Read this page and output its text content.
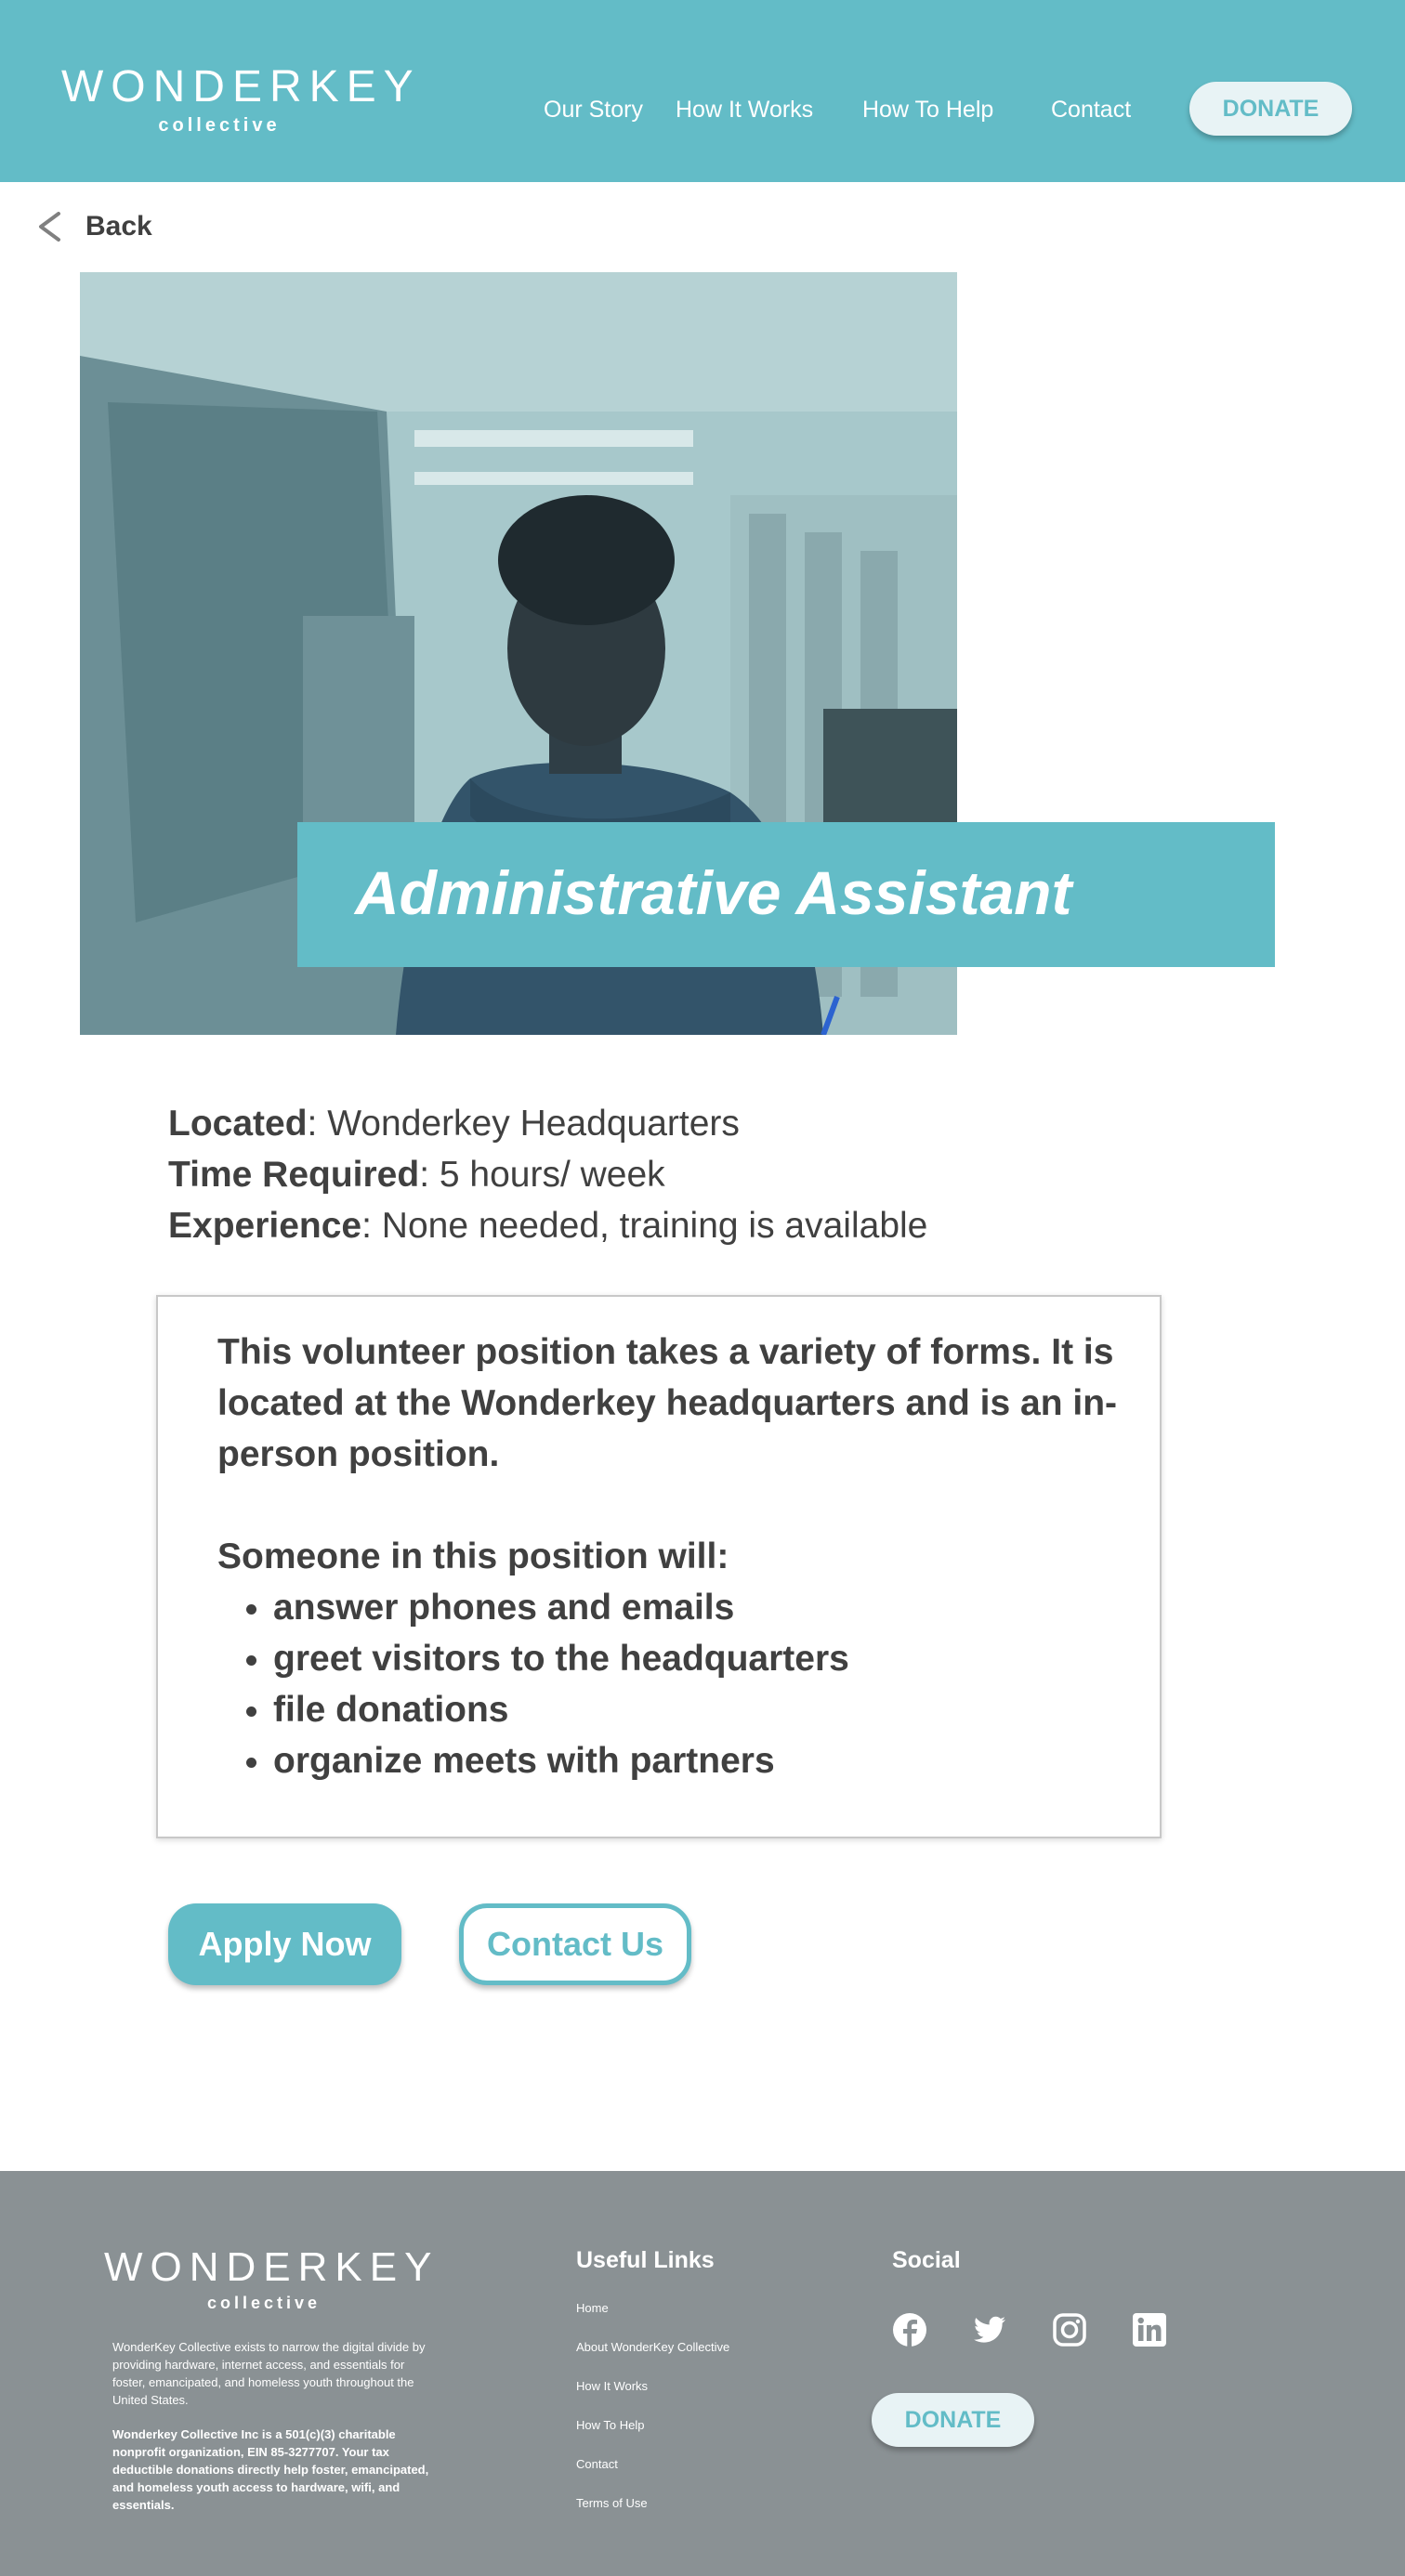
WONDERKEY
collective
Our Story How It Works How To Help Contact	DONATE
Back
Administrative Assistant
Located: Wonderkey Headquarters
Time Required: 5 hours/ week
Experience: None needed, training is available

This volunteer position takes a variety of forms. It is located at the Wonderkey headquarters and is an in-person position.

Someone in this position will:
• answer phones and emails
• greet visitors to the headquarters
• file donations
• organize meets with partners
Apply Now	Contact Us
WONDERKEY
collective

WonderKey Collective exists to narrow the digital divide by providing hardware, internet access, and essentials for foster, emancipated, and homeless youth throughout the United States.

Wonderkey Collective Inc is a 501(c)(3) charitable nonprofit organization, EIN 85-3277707. Your tax deductible donations directly help foster, emancipated, and homeless youth access to hardware, wifi, and essentials.

Useful Links
Home
About WonderKey Collective
How It Works
How To Help
Contact
Terms of Use
Social
DONATE
